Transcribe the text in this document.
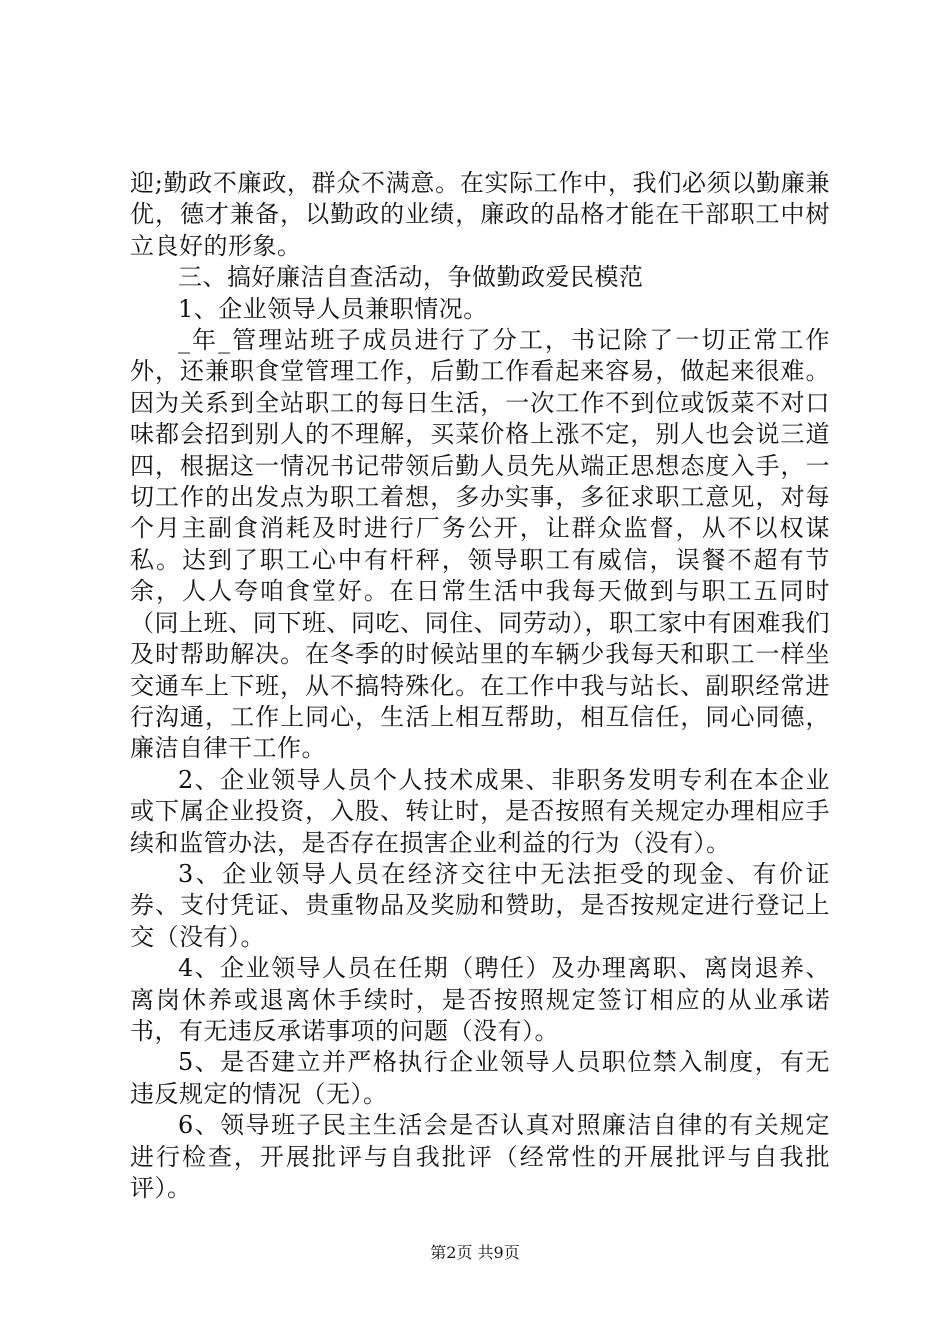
迎;勤政不廉政，群众不满意。在实际工作中，我们必须以勤廉兼优，德才兼备，以勤政的业绩，廉政的品格才能在干部职工中树立良好的形象。

三、搞好廉洁自查活动，争做勤政爱民模范

1、企业领导人员兼职情况。

_年_管理站班子成员进行了分工，书记除了一切正常工作外，还兼职食堂管理工作，后勤工作看起来容易，做起来很难。因为关系到全站职工的每日生活，一次工作不到位或饭菜不对口味都会招到别人的不理解，买菜价格上涨不定，别人也会说三道四，根据这一情况书记带领后勤人员先从端正思想态度入手，一切工作的出发点为职工着想，多办实事，多征求职工意见，对每个月主副食消耗及时进行厂务公开，让群众监督，从不以权谋私。达到了职工心中有杆秤，领导职工有威信，误餐不超有节余，人人夸咱食堂好。在日常生活中我每天做到与职工五同时（同上班、同下班、同吃、同住、同劳动），职工家中有困难我们及时帮助解决。在冬季的时候站里的车辆少我每天和职工一样坐交通车上下班，从不搞特殊化。在工作中我与站长、副职经常进行沟通，工作上同心，生活上相互帮助，相互信任，同心同德，廉洁自律干工作。

2、企业领导人员个人技术成果、非职务发明专利在本企业或下属企业投资，入股、转让时，是否按照有关规定办理相应手续和监管办法，是否存在损害企业利益的行为（没有）。

3、企业领导人员在经济交往中无法拒受的现金、有价证券、支付凭证、贵重物品及奖励和赞助，是否按规定进行登记上交（没有）。

4、企业领导人员在任期（聘任）及办理离职、离岗退养、离岗休养或退离休手续时，是否按照规定签订相应的从业承诺书，有无违反承诺事项的问题（没有）。

5、是否建立并严格执行企业领导人员职位禁入制度，有无违反规定的情况（无）。

6、领导班子民主生活会是否认真对照廉洁自律的有关规定进行检查，开展批评与自我批评（经常性的开展批评与自我批评）。

第2页 共9页
